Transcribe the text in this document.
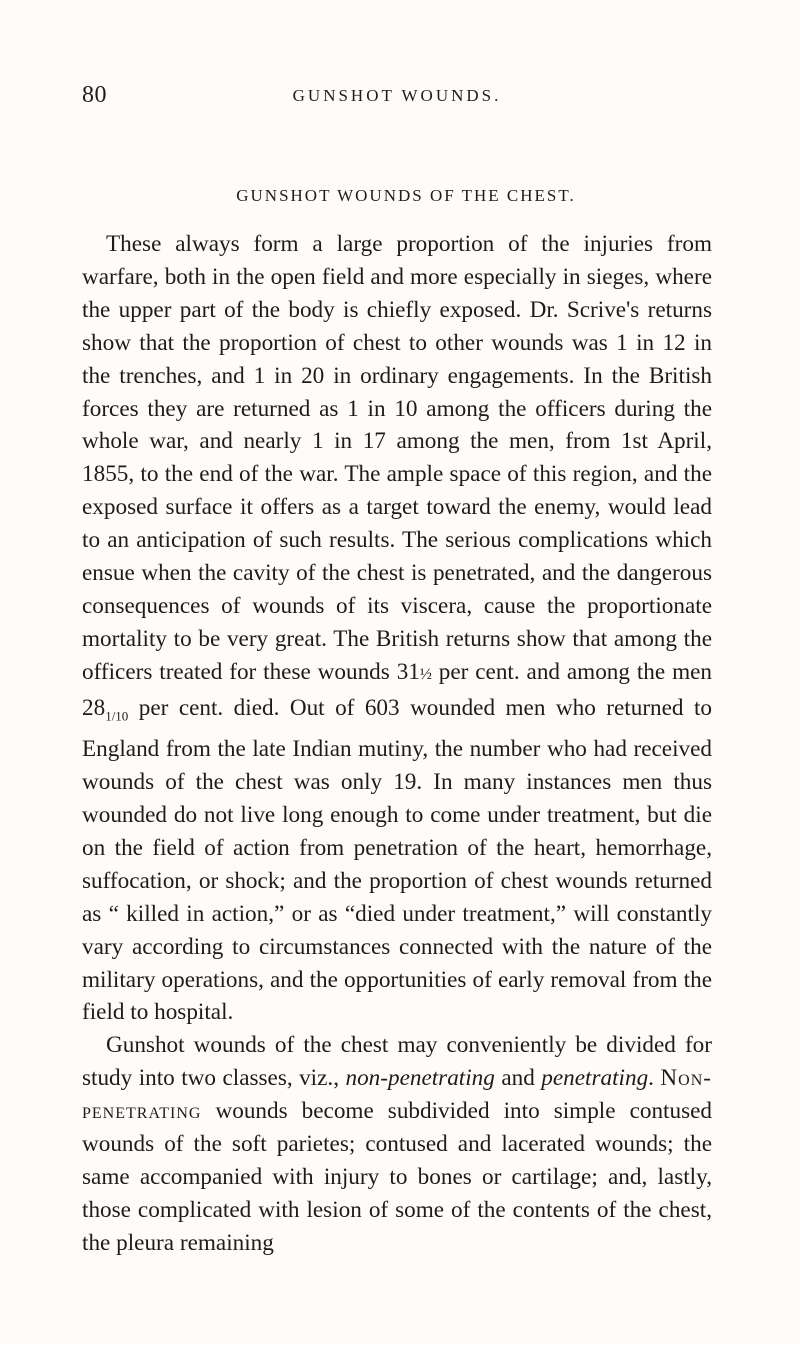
80	GUNSHOT WOUNDS.
GUNSHOT WOUNDS OF THE CHEST.

These always form a large proportion of the injuries from warfare, both in the open field and more especially in sieges, where the upper part of the body is chiefly exposed. Dr. Scrive's returns show that the proportion of chest to other wounds was 1 in 12 in the trenches, and 1 in 20 in ordinary engagements. In the British forces they are returned as 1 in 10 among the officers during the whole war, and nearly 1 in 17 among the men, from 1st April, 1855, to the end of the war. The ample space of this region, and the exposed surface it offers as a target toward the enemy, would lead to an anticipation of such results. The serious complications which ensue when the cavity of the chest is penetrated, and the dangerous consequences of wounds of its viscera, cause the proportionate mortality to be very great. The British returns show that among the officers treated for these wounds 31½ per cent. and among the men $28_{1/10}$ per cent. died. Out of 603 wounded men who returned to England from the late Indian mutiny, the number who had received wounds of the chest was only 19. In many instances men thus wounded do not live long enough to come under treatment, but die on the field of action from penetration of the heart, hemorrhage, suffocation, or shock; and the proportion of chest wounds returned as “ killed in action,” or as “died under treatment,” will constantly vary according to circumstances connected with the nature of the military operations, and the opportunities of early removal from the field to hospital.

Gunshot wounds of the chest may conveniently be divided for study into two classes, viz., non-penetrating and penetrating. Non-penetrating wounds become subdivided into simple contused wounds of the soft parietes; contused and lacerated wounds; the same accompanied with injury to bones or cartilage; and, lastly, those complicated with lesion of some of the contents of the chest, the pleura remaining
